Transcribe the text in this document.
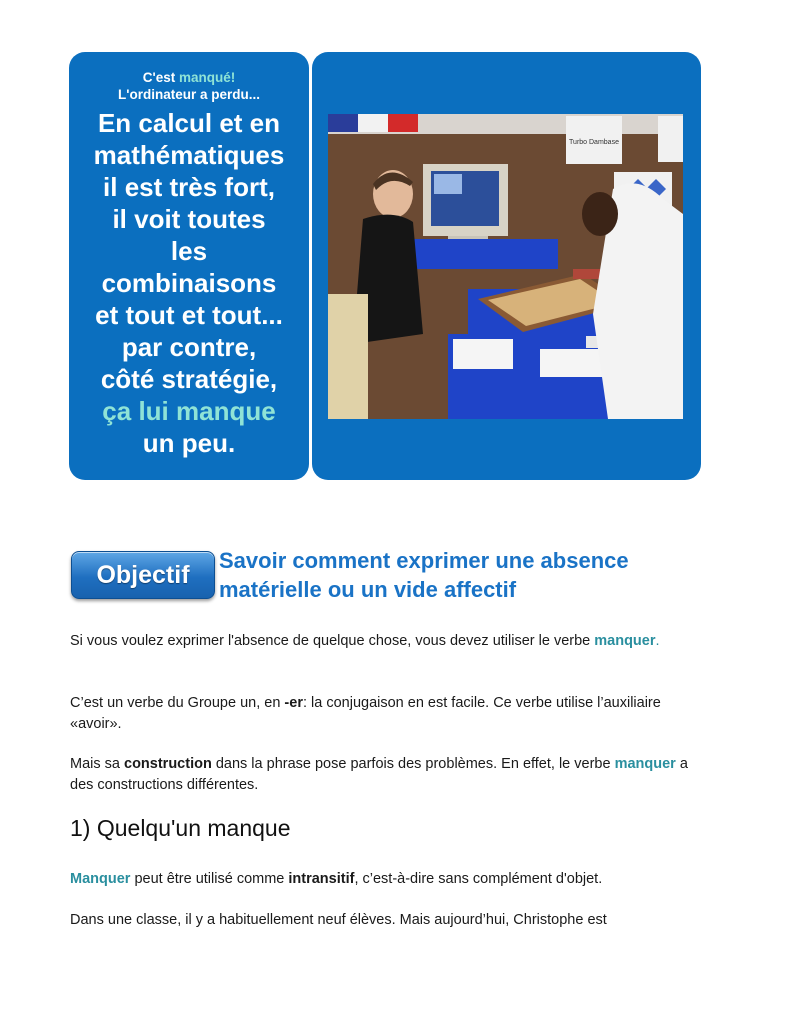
C'est manqué!
L'ordinateur a perdu...
En calcul et en
mathématiques
il est très fort,
il voit toutes
les
combinaisons
et tout et tout...
par contre,
côté stratégie,
ça lui manque
un peu.
Turbo Dambase
Objectif
Savoir comment exprimer une absence matérielle ou un vide affectif
Si vous voulez exprimer l'absence de quelque chose, vous devez utiliser le verbe manquer.
C’est un verbe du Groupe un, en -er: la conjugaison en est facile. Ce verbe utilise l’auxiliaire «avoir».
Mais sa construction dans la phrase pose parfois des problèmes. En effet, le verbe manquer a des constructions différentes.
1) Quelqu'un manque
Manquer peut être utilisé comme intransitif, c’est-à-dire sans complément d'objet.
Dans une classe, il y a habituellement neuf élèves. Mais aujourd’hui, Christophe est
